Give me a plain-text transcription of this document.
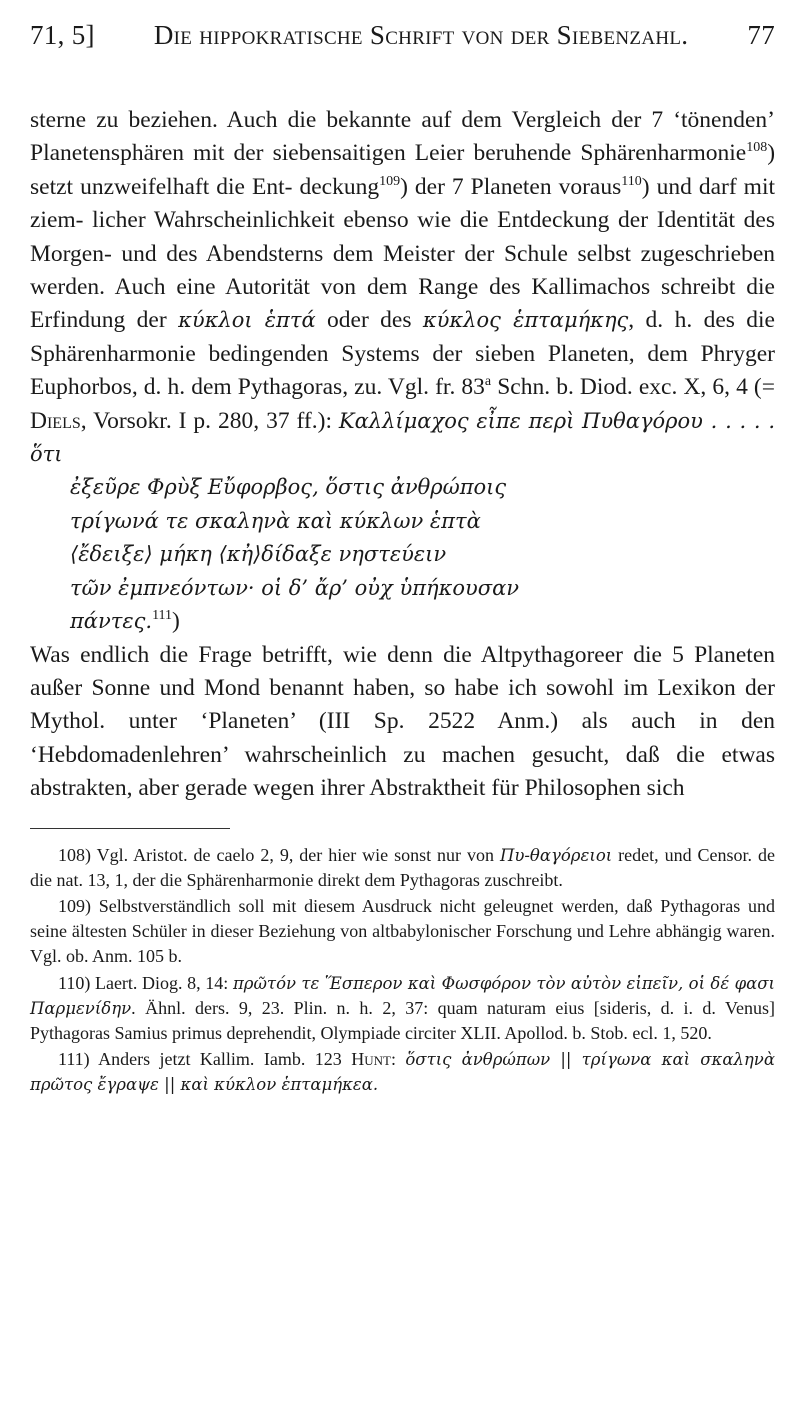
71, 5]	Die hippokratische Schrift von der Siebenzahl.	77

sterne zu beziehen. Auch die bekannte auf dem Vergleich der 7 ‘tönenden’ Planetensphären mit der siebensaitigen Leier beruhende Sphärenharmonie$^{108}$) setzt unzweifelhaft die Ent- deckung$^{109}$) der 7 Planeten voraus$^{110}$) und darf mit ziem- licher Wahrscheinlichkeit ebenso wie die Entdeckung der Identität des Morgen- und des Abendsterns dem Meister der Schule selbst zugeschrieben werden. Auch eine Autorität von dem Range des Kallimachos schreibt die Erfindung der κύκλοι ἑπτά oder des κύκλος ἑπταμήκης, d. h. des die Sphärenharmonie bedingenden Systems der sieben Planeten, dem Phryger Euphorbos, d. h. dem Pythagoras, zu. Vgl. fr. 83$^a$ Schn. b. Diod. exc. X, 6, 4 (= Diels, Vorsokr. I p. 280, 37 ff.): Καλλίμαχος εἶπε περὶ Πυθαγόρου . . . . . ὅτι

ἐξεῦρε Φρὺξ Εὔφορβος, ὅστις ἀνθρώποις
τρίγωνά τε σκαληνὰ καὶ κύκλων ἑπτὰ
⟨ἔδειξε⟩ μήκη ⟨κἠ⟩δίδαξε νηστεύειν
τῶν ἐμπνεόντων· οἱ δ’ ἄρ’ οὐχ ὑπήκουσαν
πάντες.$^{111}$)

Was endlich die Frage betrifft, wie denn die Altpythagoreer die 5 Planeten außer Sonne und Mond benannt haben, so habe ich sowohl im Lexikon der Mythol. unter ‘Planeten’ (III Sp. 2522 Anm.) als auch in den ‘Hebdomadenlehren’ wahrscheinlich zu machen gesucht, daß die etwas abstrakten, aber gerade wegen ihrer Abstraktheit für Philosophen sich

108) Vgl. Aristot. de caelo 2, 9, der hier wie sonst nur von Πυ-θαγόρειοι redet, und Censor. de die nat. 13, 1, der die Sphärenharmonie direkt dem Pythagoras zuschreibt.

109) Selbstverständlich soll mit diesem Ausdruck nicht geleugnet werden, daß Pythagoras und seine ältesten Schüler in dieser Beziehung von altbabylonischer Forschung und Lehre abhängig waren. Vgl. ob. Anm. 105 b.

110) Laert. Diog. 8, 14: πρῶτόν τε Ἕσπερον καὶ Φωσφόρον τὸν αὐτὸν εἰπεῖν, οἱ δέ φασι Παρμενίδην. Ähnl. ders. 9, 23. Plin. n. h. 2, 37: quam naturam eius [sideris, d. i. d. Venus] Pythagoras Samius primus deprehendit, Olympiade circiter XLII. Apollod. b. Stob. ecl. 1, 520.

111) Anders jetzt Kallim. Iamb. 123 Hunt: ὅστις ἀνθρώπων || τρίγωνα καὶ σκαληνὰ πρῶτος ἔγραψε || καὶ κύκλον ἑπταμήκεα.
